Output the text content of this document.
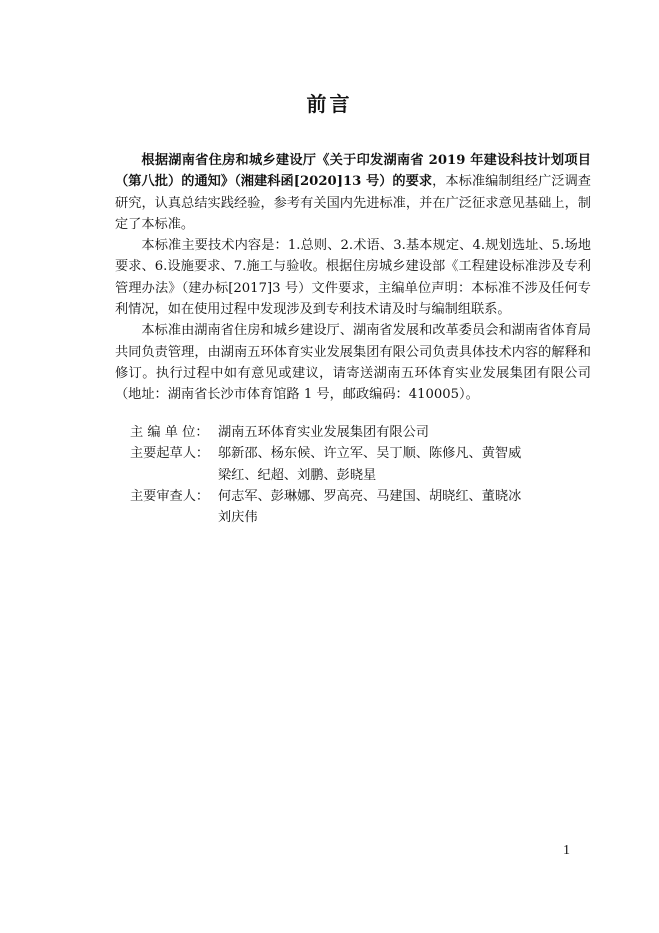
前言

根据湖南省住房和城乡建设厅《关于印发湖南省 2019 年建设科技计划项目（第八批）的通知》（湘建科函[2020]13 号）的要求，本标准编制组经广泛调查研究，认真总结实践经验，参考有关国内先进标准，并在广泛征求意见基础上，制定了本标准。

本标准主要技术内容是：1.总则、2.术语、3.基本规定、4.规划选址、5.场地要求、6.设施要求、7.施工与验收。根据住房城乡建设部《工程建设标准涉及专利管理办法》（建办标[2017]3 号）文件要求，主编单位声明：本标准不涉及任何专利情况，如在使用过程中发现涉及到专利技术请及时与编制组联系。

本标准由湖南省住房和城乡建设厅、湖南省发展和改革委员会和湖南省体育局共同负责管理，由湖南五环体育实业发展集团有限公司负责具体技术内容的解释和修订。执行过程中如有意见或建议，请寄送湖南五环体育实业发展集团有限公司（地址：湖南省长沙市体育馆路 1 号，邮政编码：410005）。

主 编 单 位： 湖南五环体育实业发展集团有限公司
主要起草人： 邬新邵、杨东候、许立军、吴丁顺、陈修凡、黄智威
梁红、纪超、刘鹏、彭晓星
主要审查人： 何志军、彭琳娜、罗高亮、马建国、胡晓红、董晓冰
刘庆伟
1
